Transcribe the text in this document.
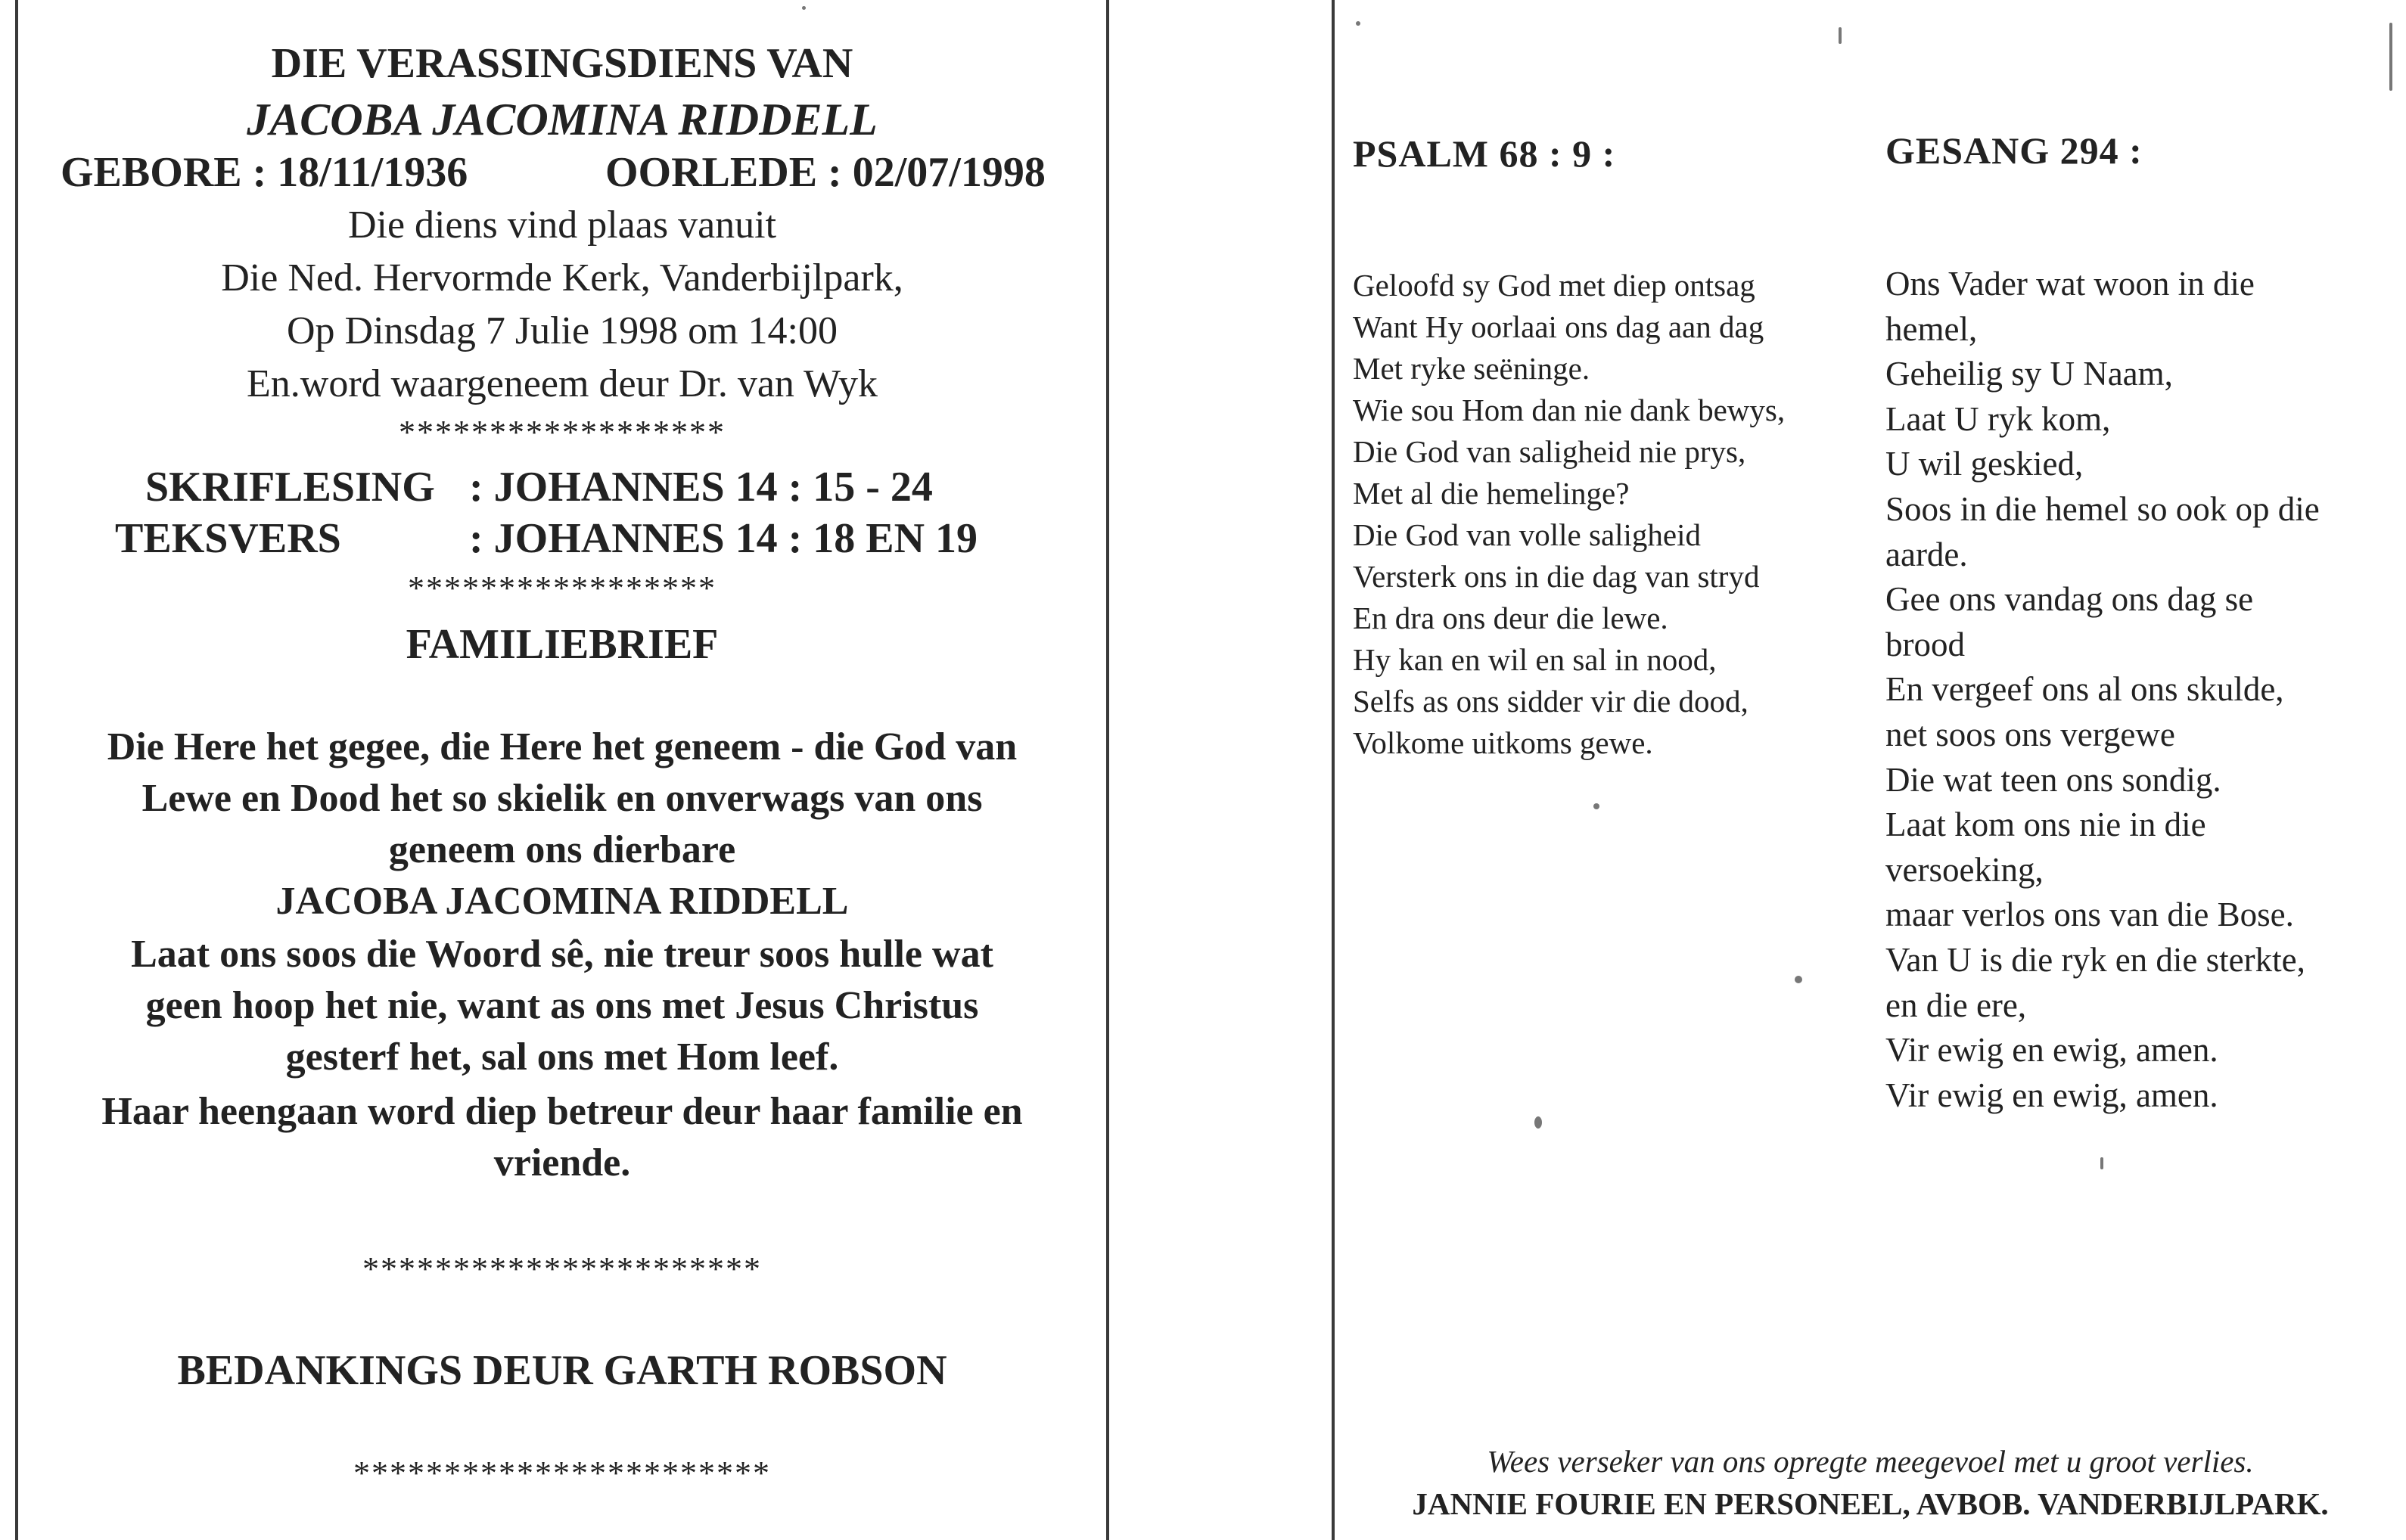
DIE VERASSINGSDIENS VAN
JACOBA JACOMINA RIDDELL
GEBORE : 18/11/1936	OORLEDE : 02/07/1998
Die diens vind plaas vanuit
Die Ned. Hervormde Kerk, Vanderbijlpark,
Op Dinsdag 7 Julie 1998 om 14:00
En.word waargeneem deur Dr. van Wyk
******************
SKRIFLESING : JOHANNES 14 : 15 - 24
TEKSVERS	: JOHANNES 14 : 18 EN 19
*****************
FAMILIEBRIEF
Die Here het gegee, die Here het geneem - die God van
Lewe en Dood het so skielik en onverwags van ons
geneem ons dierbare
JACOBA JACOMINA RIDDELL
Laat ons soos die Woord sê, nie treur soos hulle wat
geen hoop het nie, want as ons met Jesus Christus
gesterf het, sal ons met Hom leef.
Haar heengaan word diep betreur deur haar familie en
vriende.
**********************
BEDANKINGS DEUR GARTH ROBSON
***********************
PSALM 68 : 9 :	GESANG 294 :
Geloofd sy God met diep ontsag
Want Hy oorlaai ons dag aan dag
Met ryke seëninge.
Wie sou Hom dan nie dank bewys,
Die God van saligheid nie prys,
Met al die hemelinge?
Die God van volle saligheid
Versterk ons in die dag van stryd
En dra ons deur die lewe.
Hy kan en wil en sal in nood,
Selfs as ons sidder vir die dood,
Volkome uitkoms gewe.
Ons Vader wat woon in die
hemel,
Geheilig sy U Naam,
Laat U ryk kom,
U wil geskied,
Soos in die hemel so ook op die
aarde.
Gee ons vandag ons dag se
brood
En vergeef ons al ons skulde,
net soos ons vergewe
Die wat teen ons sondig.
Laat kom ons nie in die
versoeking,
maar verlos ons van die Bose.
Van U is die ryk en die sterkte,
en die ere,
Vir ewig en ewig, amen.
Vir ewig en ewig, amen.
Wees verseker van ons opregte meegevoel met u groot verlies.
JANNIE FOURIE EN PERSONEEL, AVBOB. VANDERBIJLPARK.
